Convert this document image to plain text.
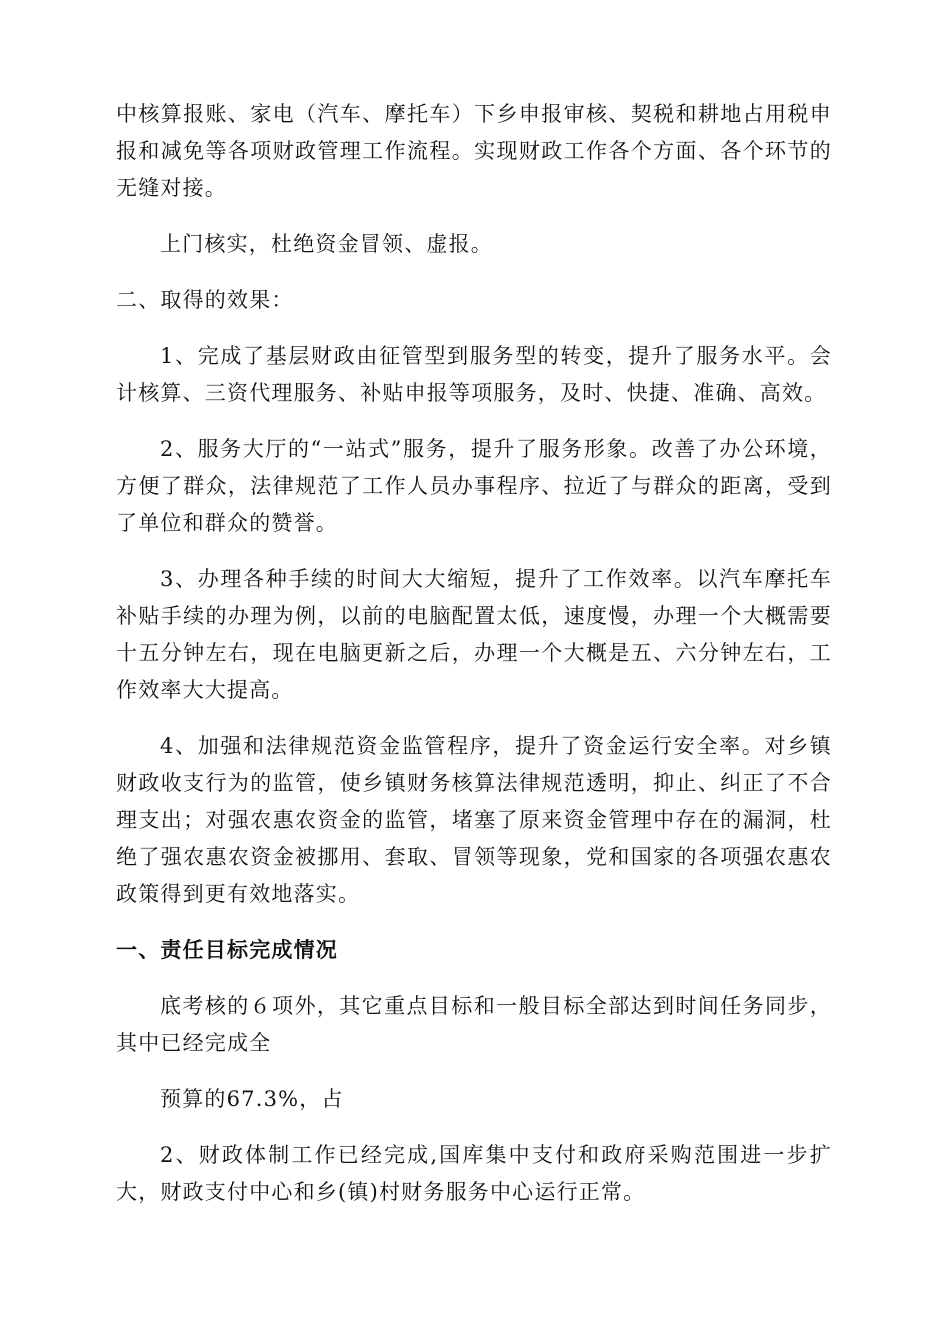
中核算报账、家电（汽车、摩托车）下乡申报审核、契税和耕地占用税申报和减免等各项财政管理工作流程。实现财政工作各个方面、各个环节的无缝对接。

上门核实，杜绝资金冒领、虚报。

二、取得的效果：

1、完成了基层财政由征管型到服务型的转变，提升了服务水平。会计核算、三资代理服务、补贴申报等项服务，及时、快捷、准确、高效。

2、服务大厅的“一站式”服务，提升了服务形象。改善了办公环境，方便了群众，法律规范了工作人员办事程序、拉近了与群众的距离，受到了单位和群众的赞誉。

3、办理各种手续的时间大大缩短，提升了工作效率。以汽车摩托车补贴手续的办理为例，以前的电脑配置太低，速度慢，办理一个大概需要十五分钟左右，现在电脑更新之后，办理一个大概是五、六分钟左右，工作效率大大提高。

4、加强和法律规范资金监管程序，提升了资金运行安全率。对乡镇财政收支行为的监管，使乡镇财务核算法律规范透明，抑止、纠正了不合理支出；对强农惠农资金的监管，堵塞了原来资金管理中存在的漏洞，杜绝了强农惠农资金被挪用、套取、冒领等现象，党和国家的各项强农惠农政策得到更有效地落实。

一、责任目标完成情况

底考核的６项外，其它重点目标和一般目标全部达到时间任务同步，其中已经完成全

预算的67.3%，占

2、财政体制工作已经完成,国库集中支付和政府采购范围进一步扩大，财政支付中心和乡(镇)村财务服务中心运行正常。
